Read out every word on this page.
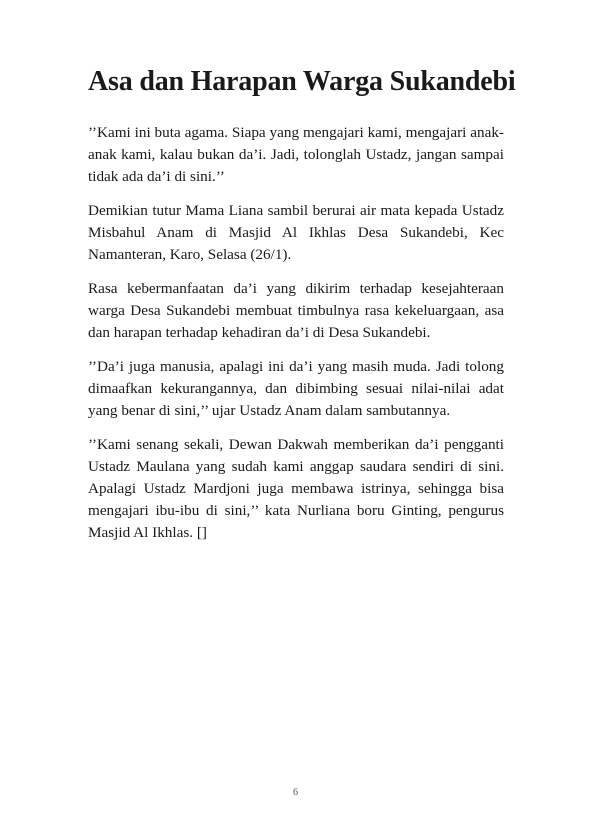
Asa dan Harapan Warga Sukandebi

’’Kami ini buta agama. Siapa yang mengajari kami, mengajari anak-anak kami, kalau bukan da’i. Jadi, tolonglah Ustadz, jangan sampai tidak ada da’i di sini.’’

Demikian tutur Mama Liana sambil berurai air mata kepada Ustadz Misbahul Anam di Masjid Al Ikhlas Desa Sukandebi, Kec Namanteran, Karo, Selasa (26/1).

Rasa kebermanfaatan da’i yang dikirim terhadap kesejahteraan warga Desa Sukandebi membuat timbulnya rasa kekeluargaan, asa dan harapan terhadap kehadiran da’i di Desa Sukandebi.

’’Da’i juga manusia, apalagi ini da’i yang masih muda. Jadi tolong dimaafkan kekurangannya, dan dibimbing sesuai nilai-nilai adat yang benar di sini,’’ ujar Ustadz Anam dalam sambutannya.

’’Kami senang sekali, Dewan Dakwah memberikan da’i pengganti Ustadz Maulana yang sudah kami anggap saudara sendiri di sini. Apalagi Ustadz Mardjoni juga membawa istrinya, sehingga bisa mengajari ibu-ibu di sini,’’ kata Nurliana boru Ginting, pengurus Masjid Al Ikhlas. []

6
